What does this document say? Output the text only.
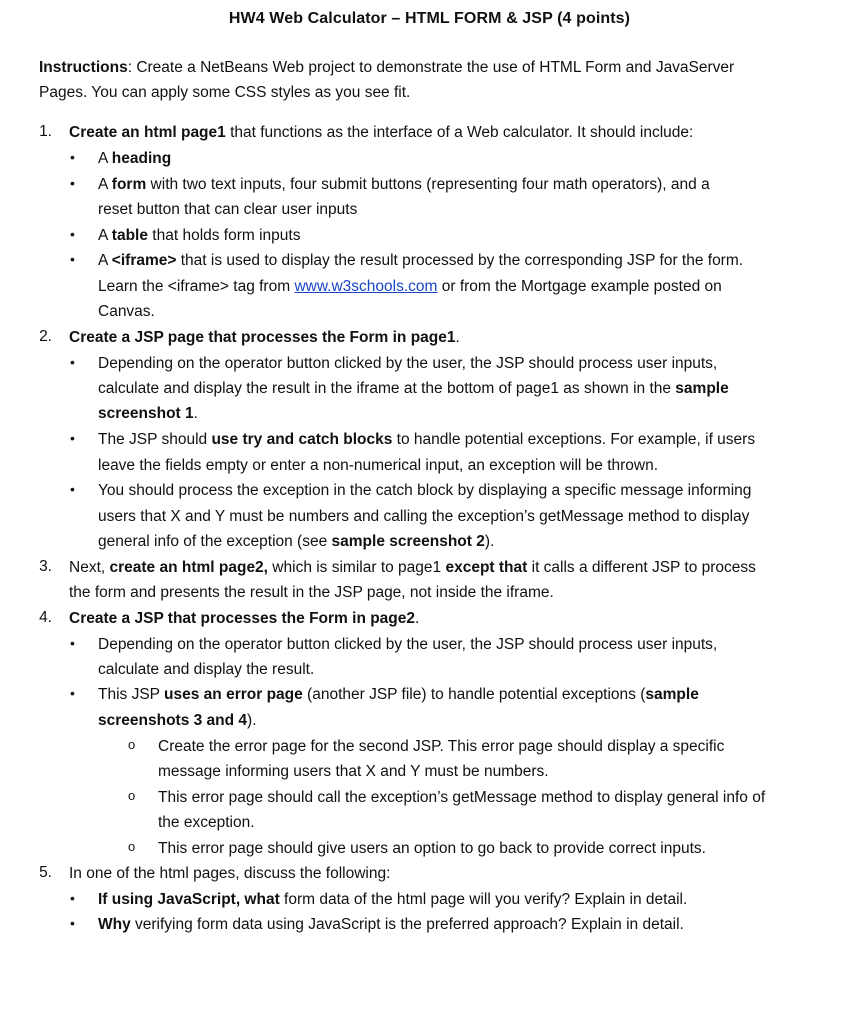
HW4 Web Calculator – HTML FORM & JSP (4 points)
Instructions: Create a NetBeans Web project to demonstrate the use of HTML Form and JavaServer
Pages. You can apply some CSS styles as you see fit.
1. Create an html page1 that functions as the interface of a Web calculator. It should include:
• A heading
• A form with two text inputs, four submit buttons (representing four math operators), and a
reset button that can clear user inputs
• A table that holds form inputs
• A <iframe> that is used to display the result processed by the corresponding JSP for the form.
Learn the <iframe> tag from www.w3schools.com or from the Mortgage example posted on
Canvas.
2. Create a JSP page that processes the Form in page1.
• Depending on the operator button clicked by the user, the JSP should process user inputs,
calculate and display the result in the iframe at the bottom of page1 as shown in the sample
screenshot 1.
• The JSP should use try and catch blocks to handle potential exceptions. For example, if users
leave the fields empty or enter a non-numerical input, an exception will be thrown.
• You should process the exception in the catch block by displaying a specific message informing
users that X and Y must be numbers and calling the exception’s getMessage method to display
general info of the exception (see sample screenshot 2).
3. Next, create an html page2, which is similar to page1 except that it calls a different JSP to process
the form and presents the result in the JSP page, not inside the iframe.
4. Create a JSP that processes the Form in page2.
• Depending on the operator button clicked by the user, the JSP should process user inputs,
calculate and display the result.
• This JSP uses an error page (another JSP file) to handle potential exceptions (sample
screenshots 3 and 4).
o Create the error page for the second JSP. This error page should display a specific
message informing users that X and Y must be numbers.
o This error page should call the exception’s getMessage method to display general info of
the exception.
o This error page should give users an option to go back to provide correct inputs.
5. In one of the html pages, discuss the following:
• If using JavaScript, what form data of the html page will you verify? Explain in detail.
• Why verifying form data using JavaScript is the preferred approach? Explain in detail.
